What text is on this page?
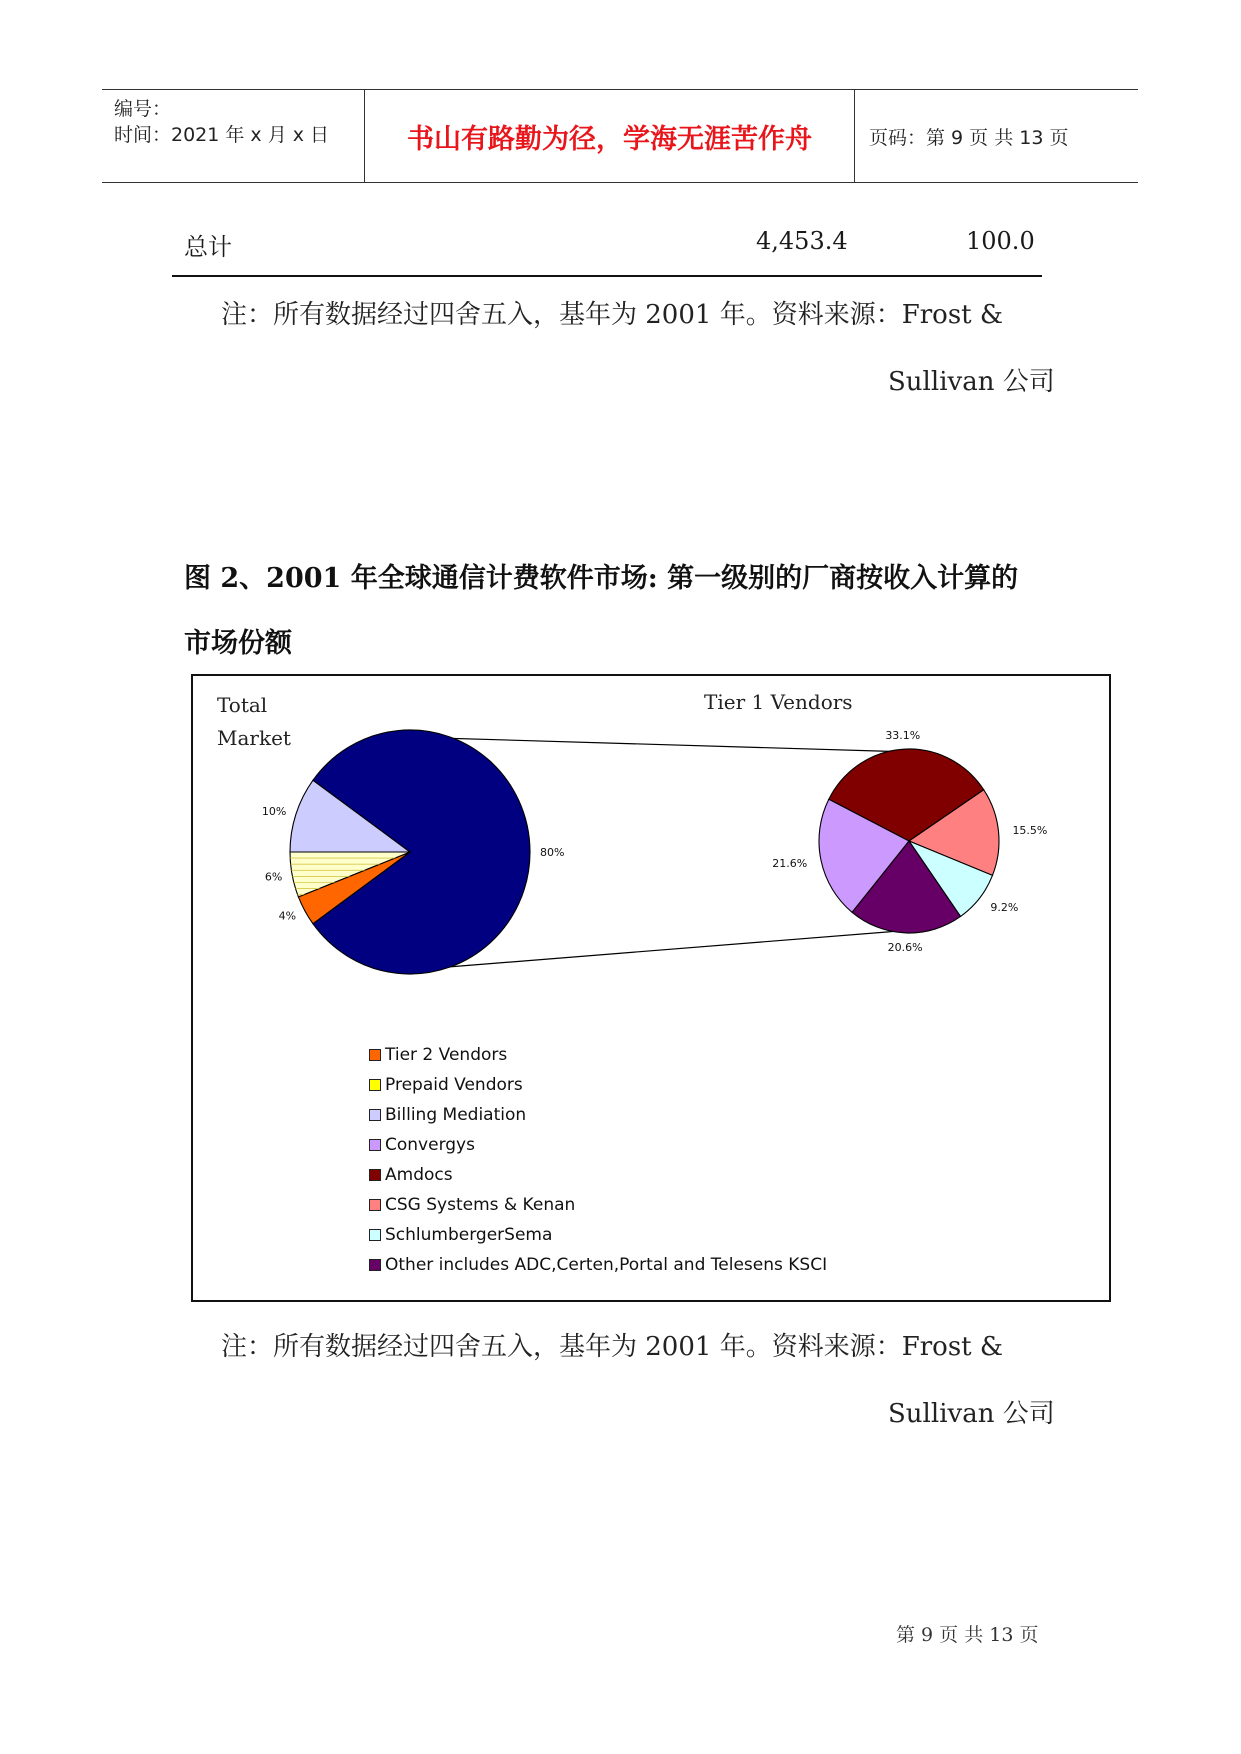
编号：
时间：2021 年 x 月 x 日	书山有路勤为径，学海无涯苦作舟	页码：第 9 页 共 13 页
总计	4,453.4	100.0
注：所有数据经过四舍五入，基年为 2001 年。资料来源：Frost &
Sullivan 公司
图 2、2001 年全球通信计费软件市场: 第一级别的厂商按收入计算的
市场份额
Total
Market
Tier 1 Vendors
80%
4%
6%
10%
33.1%
15.5%
9.2%
20.6%
21.6%
Tier 2 Vendors
Prepaid Vendors
Billing Mediation
Convergys
Amdocs
CSG Systems & Kenan
SchlumbergerSema
Other includes ADC,Certen,Portal and Telesens KSCI
注：所有数据经过四舍五入，基年为 2001 年。资料来源：Frost &
Sullivan 公司
第 9 页 共 13 页
